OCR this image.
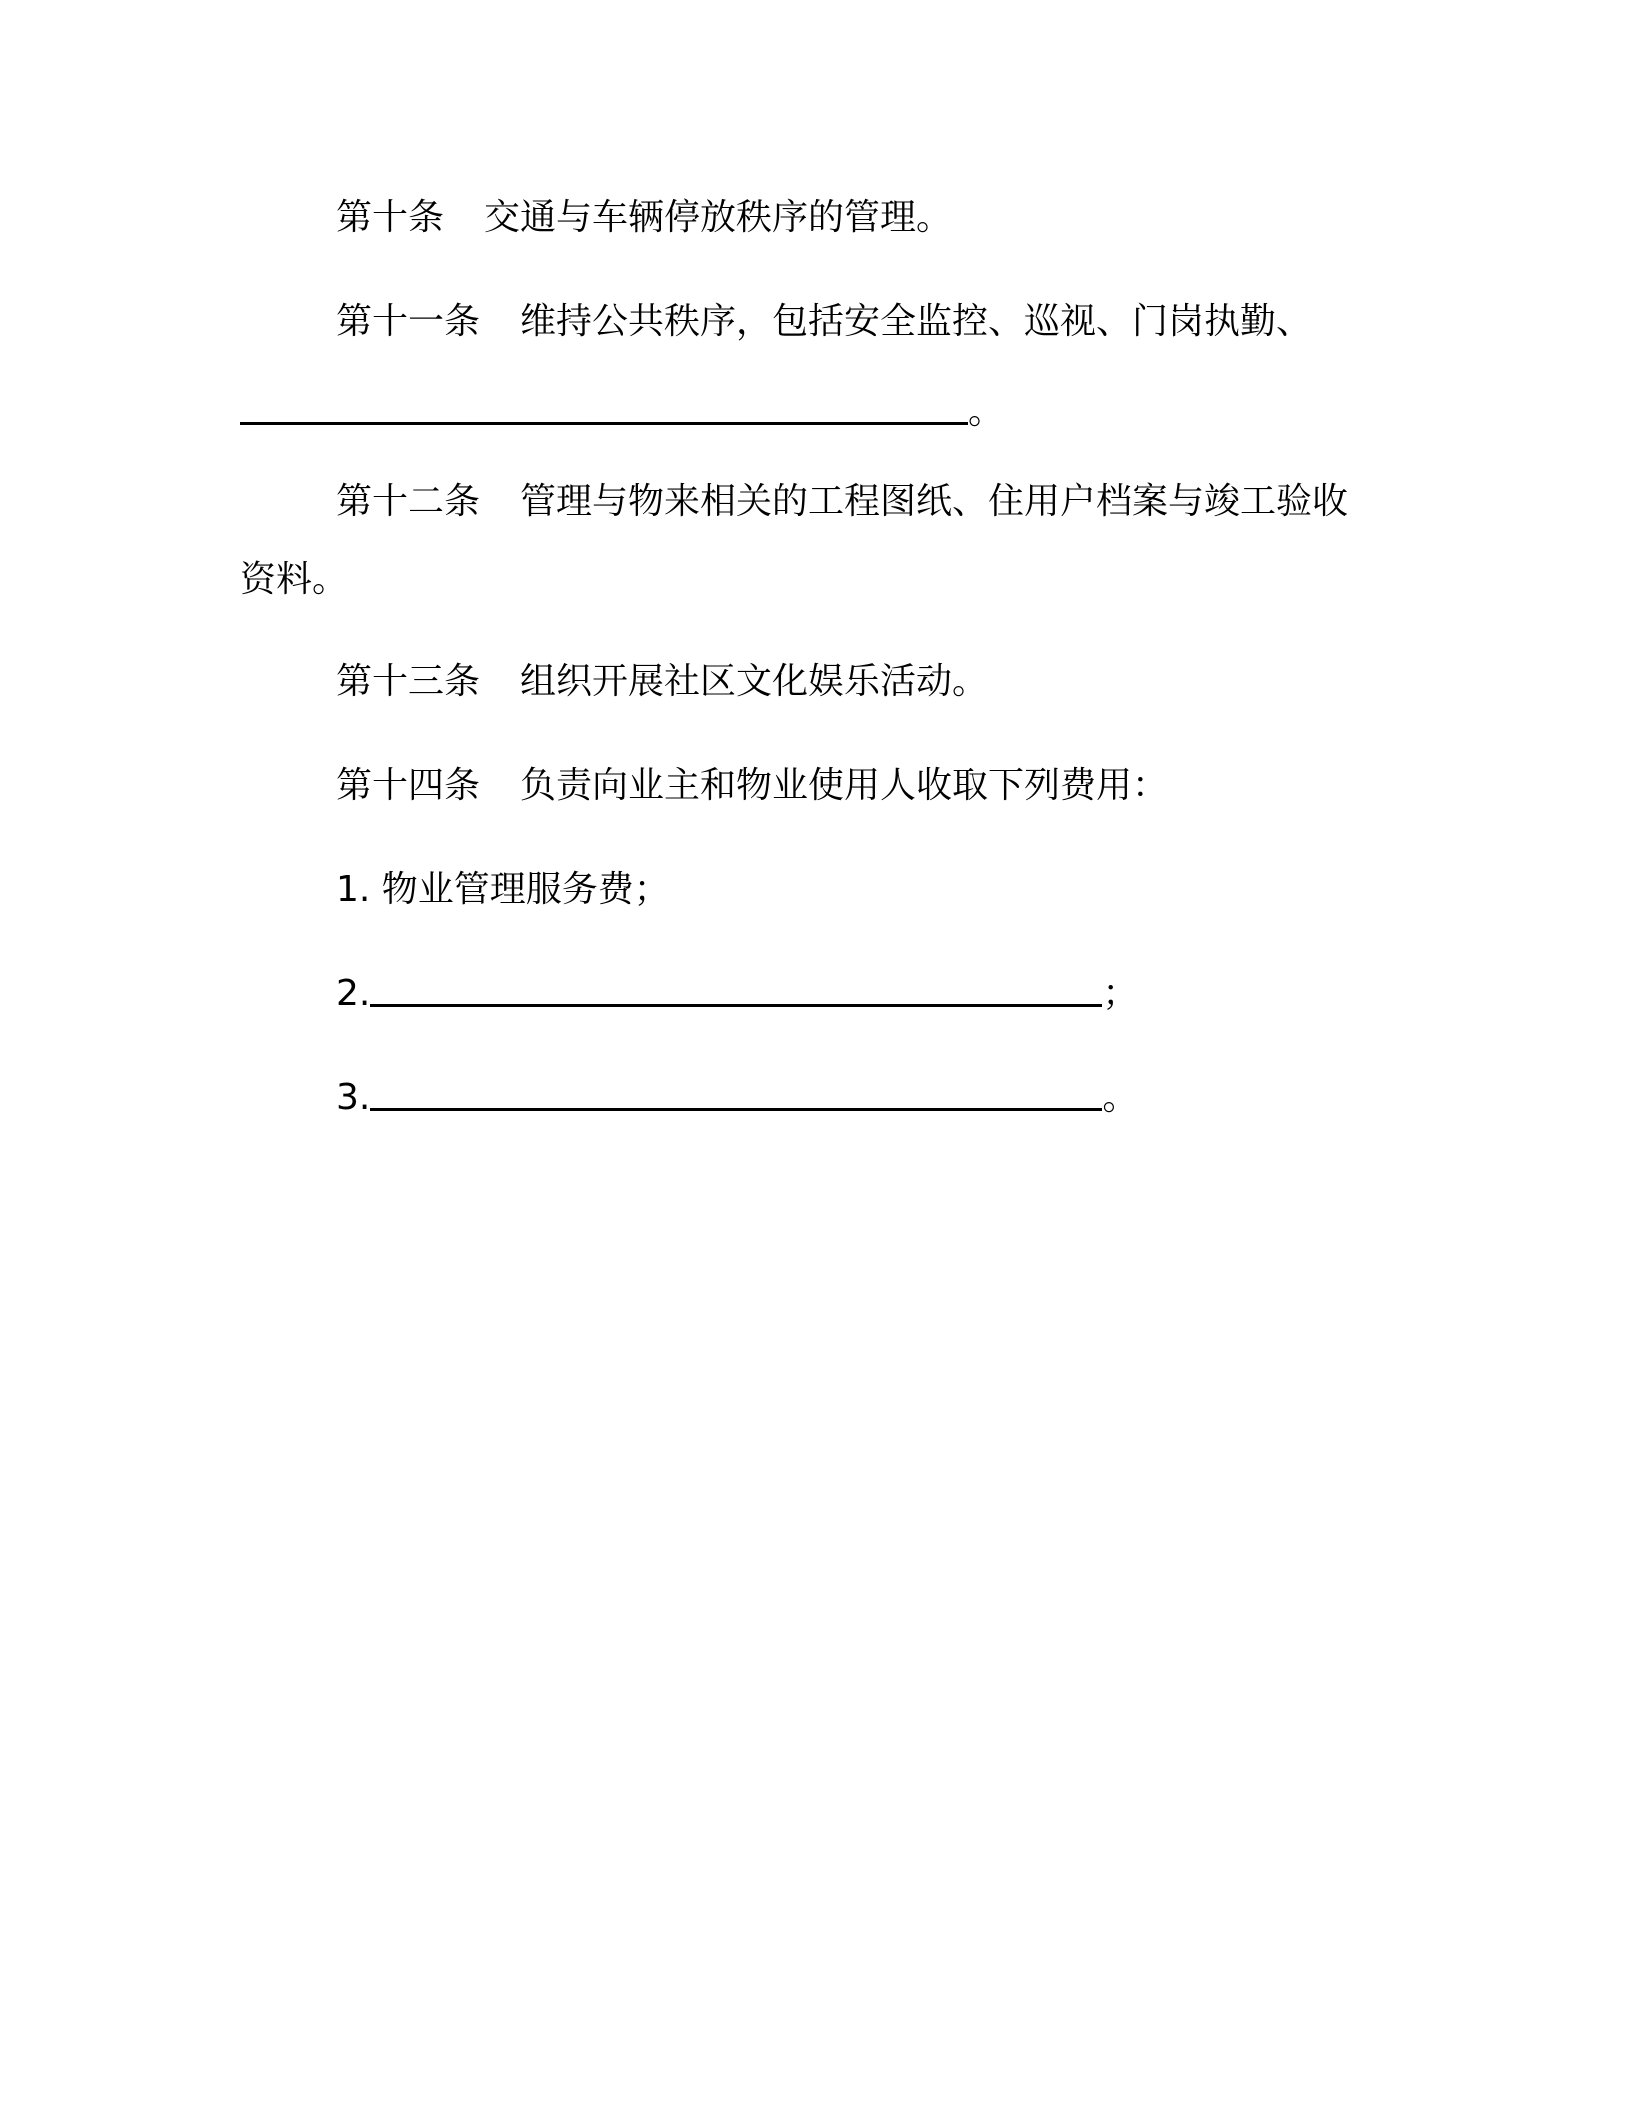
第十条 交通与车辆停放秩序的管理。
第十一条 维持公共秩序，包括安全监控、巡视、门岗执勤、
。
第十二条 管理与物来相关的工程图纸、住用户档案与竣工验收
资料。
第十三条 组织开展社区文化娱乐活动。
第十四条 负责向业主和物业使用人收取下列费用：
1. 物业管理服务费；
2.	；
3.	。
